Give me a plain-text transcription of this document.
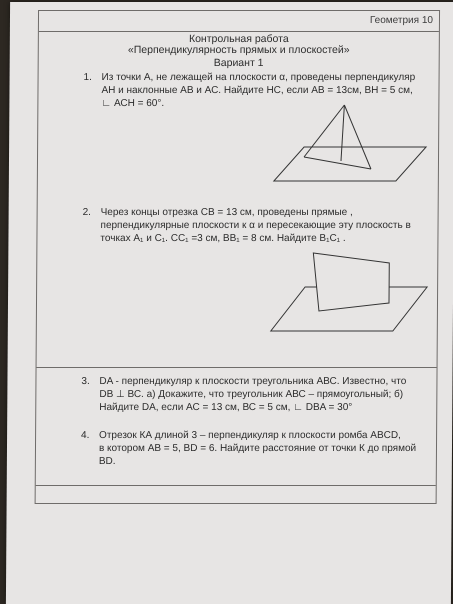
Геометрия 10
Контрольная работа
«Перпендикулярность прямых и плоскостей»
Вариант 1
1. Из точки А, не лежащей на плоскости α, проведены перпендикуляр
АН и наклонные АВ и АС. Найдите НС, если АВ = 13см, ВН = 5 см,
∟ АСН = 60°.
2. Через концы отрезка СВ = 13 см, проведены прямые ,
перпендикулярные плоскости к α и пересекающие эту плоскость в
точках А₁ и С₁. СС₁ =3 см, ВВ₁ = 8 см. Найдите В₁С₁ .
3. DA - перпендикуляр к плоскости треугольника АВС. Известно, что
DB ⊥ ВС. а) Докажите, что треугольник АВС – прямоугольный; б)
Найдите DA, если АС = 13 см, ВС = 5 см, ∟ DBA = 30°
4. Отрезок КА длиной 3 – перпендикуляр к плоскости ромба ABCD,
в котором АВ = 5, BD = 6. Найдите расстояние от точки К до прямой
BD.
